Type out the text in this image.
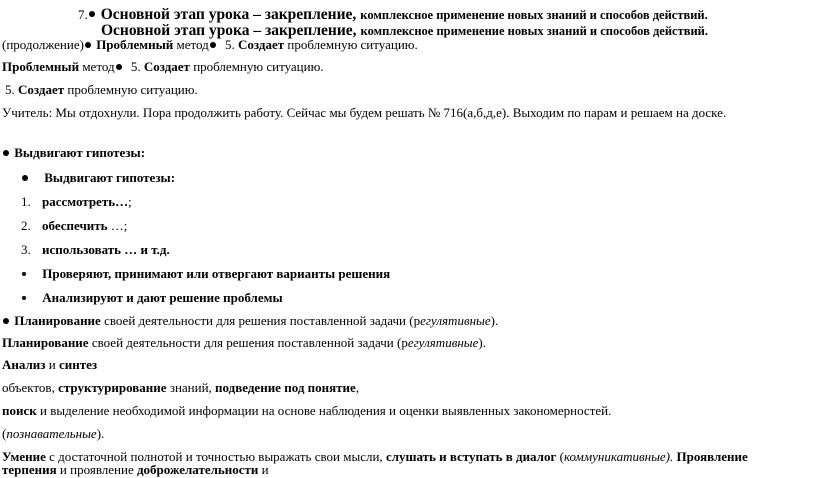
7. Основной этап урока – закрепление, комплексное применение новых знаний и способов действий.
Основной этап урока – закрепление, комплексное применение новых знаний и способов действий.
(продолжение) Проблемный метод 5. Создает проблемную ситуацию.
Проблемный метод 5. Создает проблемную ситуацию.
5. Создает проблемную ситуацию.
Учитель: Мы отдохнули. Пора продолжить работу. Сейчас мы будем решать № 716(а,б,д,е). Выходим по парам и решаем на доске.
Выдвигают гипотезы:
Выдвигают гипотезы:
1. рассмотреть…;
2. обеспечить …;
3. использовать … и т.д.
Проверяют, принимают или отвергают варианты решения
Анализируют и дают решение проблемы
Планирование своей деятельности для решения поставленной задачи (регулятивные).
Планирование своей деятельности для решения поставленной задачи (регулятивные).
Анализ и синтез
объектов, структурирование знаний, подведение под понятие,
поиск и выделение необходимой информации на основе наблюдения и оценки выявленных закономерностей.
(познавательные).
Умение с достаточной полнотой и точностью выражать свои мысли, слушать и вступать в диалог (коммуникативные). Проявление
терпения и проявление доброжелательности и
